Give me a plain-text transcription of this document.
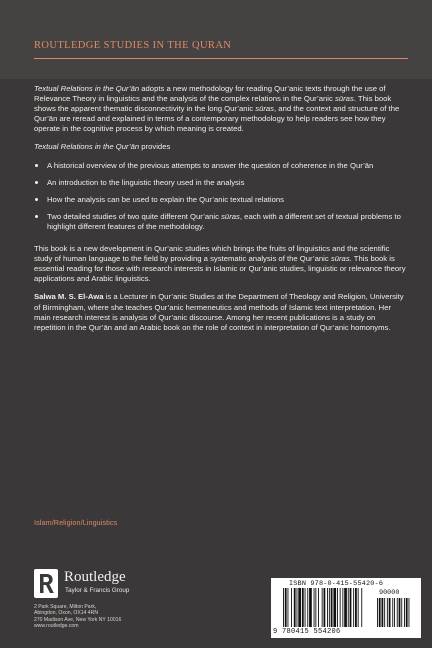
ROUTLEDGE STUDIES IN THE QURAN

Textual Relations in the Qur’ān adopts a new methodology for reading Qur’anic texts through the use of Relevance Theory in linguistics and the analysis of the complex relations in the Qur’anic sūras. This book shows the apparent thematic disconnectivity in the long Qur’anic sūras, and the context and structure of the Qur’ān are reread and explained in terms of a contemporary methodology to help readers see how they operate in the cognitive process by which meaning is created.

Textual Relations in the Qur’ān provides

A historical overview of the previous attempts to answer the question of coherence in the Qur’ān
An introduction to the linguistic theory used in the analysis
How the analysis can be used to explain the Qur’anic textual relations
Two detailed studies of two quite different Qur’anic sūras, each with a different set of textual problems to highlight different features of the methodology.

This book is a new development in Qur’anic studies which brings the fruits of linguistics and the scientific study of human language to the field by providing a systematic analysis of the Qur’anic sūras. This book is essential reading for those with research interests in Islamic or Qur’anic studies, linguistic or relevance theory applications and Arabic linguistics.

Salwa M. S. El-Awa is a Lecturer in Qur’anic Studies at the Department of Theology and Religion, University of Birmingham, where she teaches Qur’anic hermeneutics and methods of Islamic text interpretation. Her main research interest is analysis of Qur’anic discourse. Among her recent publications is a study on repetition in the Qur’ān and an Arabic book on the role of context in interpretation of Qur’anic homonyms.

Islam/Religion/Linguistics
Routledge
Taylor & Francis Group
2 Park Square, Milton Park,
Abingdon, Oxon, OX14 4RN
270 Madison Ave, New York NY 10016
www.routledge.com
ISBN 978-0-415-55420-6
90000
9 780415 554206
